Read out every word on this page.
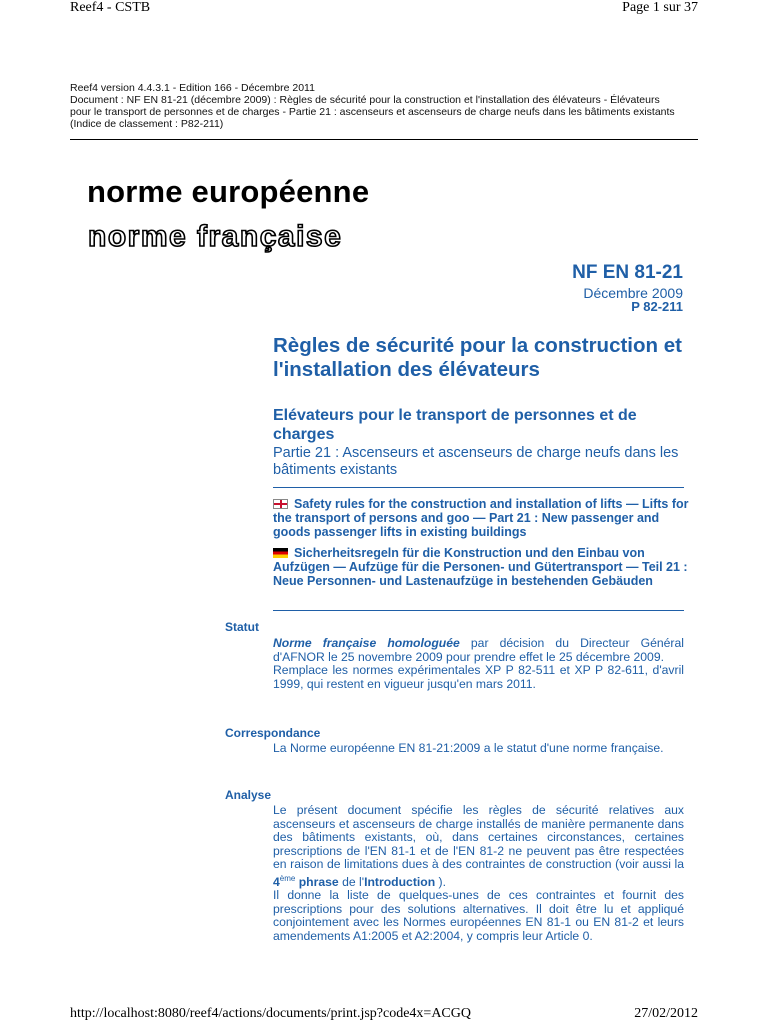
Reef4 - CSTB	Page 1 sur 37
Reef4 version 4.4.3.1 - Edition 166 - Décembre 2011
Document : NF EN 81-21 (décembre 2009) : Règles de sécurité pour la construction et l'installation des élévateurs - Élévateurs
pour le transport de personnes et de charges - Partie 21 : ascenseurs et ascenseurs de charge neufs dans les bâtiments existants
(Indice de classement : P82-211)
norme européenne
norme française
NF EN 81-21
Décembre 2009
P 82-211
Règles de sécurité pour la construction et l'installation des élévateurs
Elévateurs pour le transport de personnes et de charges
Partie 21 : Ascenseurs et ascenseurs de charge neufs dans les bâtiments existants
Safety rules for the construction and installation of lifts — Lifts for the transport of persons and goo — Part 21 : New passenger and goods passenger lifts in existing buildings
Sicherheitsregeln für die Konstruction und den Einbau von Aufzügen — Aufzüge für die Personen- und Gütertransport — Teil 21 : Neue Personnen- und Lastenaufzüge in bestehenden Gebäuden
Statut

Norme française homologuée par décision du Directeur Général d'AFNOR le 25 novembre 2009 pour prendre effet le 25 décembre 2009.

Remplace les normes expérimentales XP P 82-511 et XP P 82-611, d'avril 1999, qui restent en vigueur jusqu'en mars 2011.

Correspondance

La Norme européenne EN 81-21:2009 a le statut d'une norme française.

Analyse

Le présent document spécifie les règles de sécurité relatives aux ascenseurs et ascenseurs de charge installés de manière permanente dans des bâtiments existants, où, dans certaines circonstances, certaines prescriptions de l'EN 81-1 et de l'EN 81-2 ne peuvent pas être respectées en raison de limitations dues à des contraintes de construction (voir aussi la 4ème phrase de l'Introduction ).

Il donne la liste de quelques-unes de ces contraintes et fournit des prescriptions pour des solutions alternatives. Il doit être lu et appliqué conjointement avec les Normes européennes EN 81-1 ou EN 81-2 et leurs amendements A1:2005 et A2:2004, y compris leur Article 0.

http://localhost:8080/reef4/actions/documents/print.jsp?code4x=ACGQ	27/02/2012
